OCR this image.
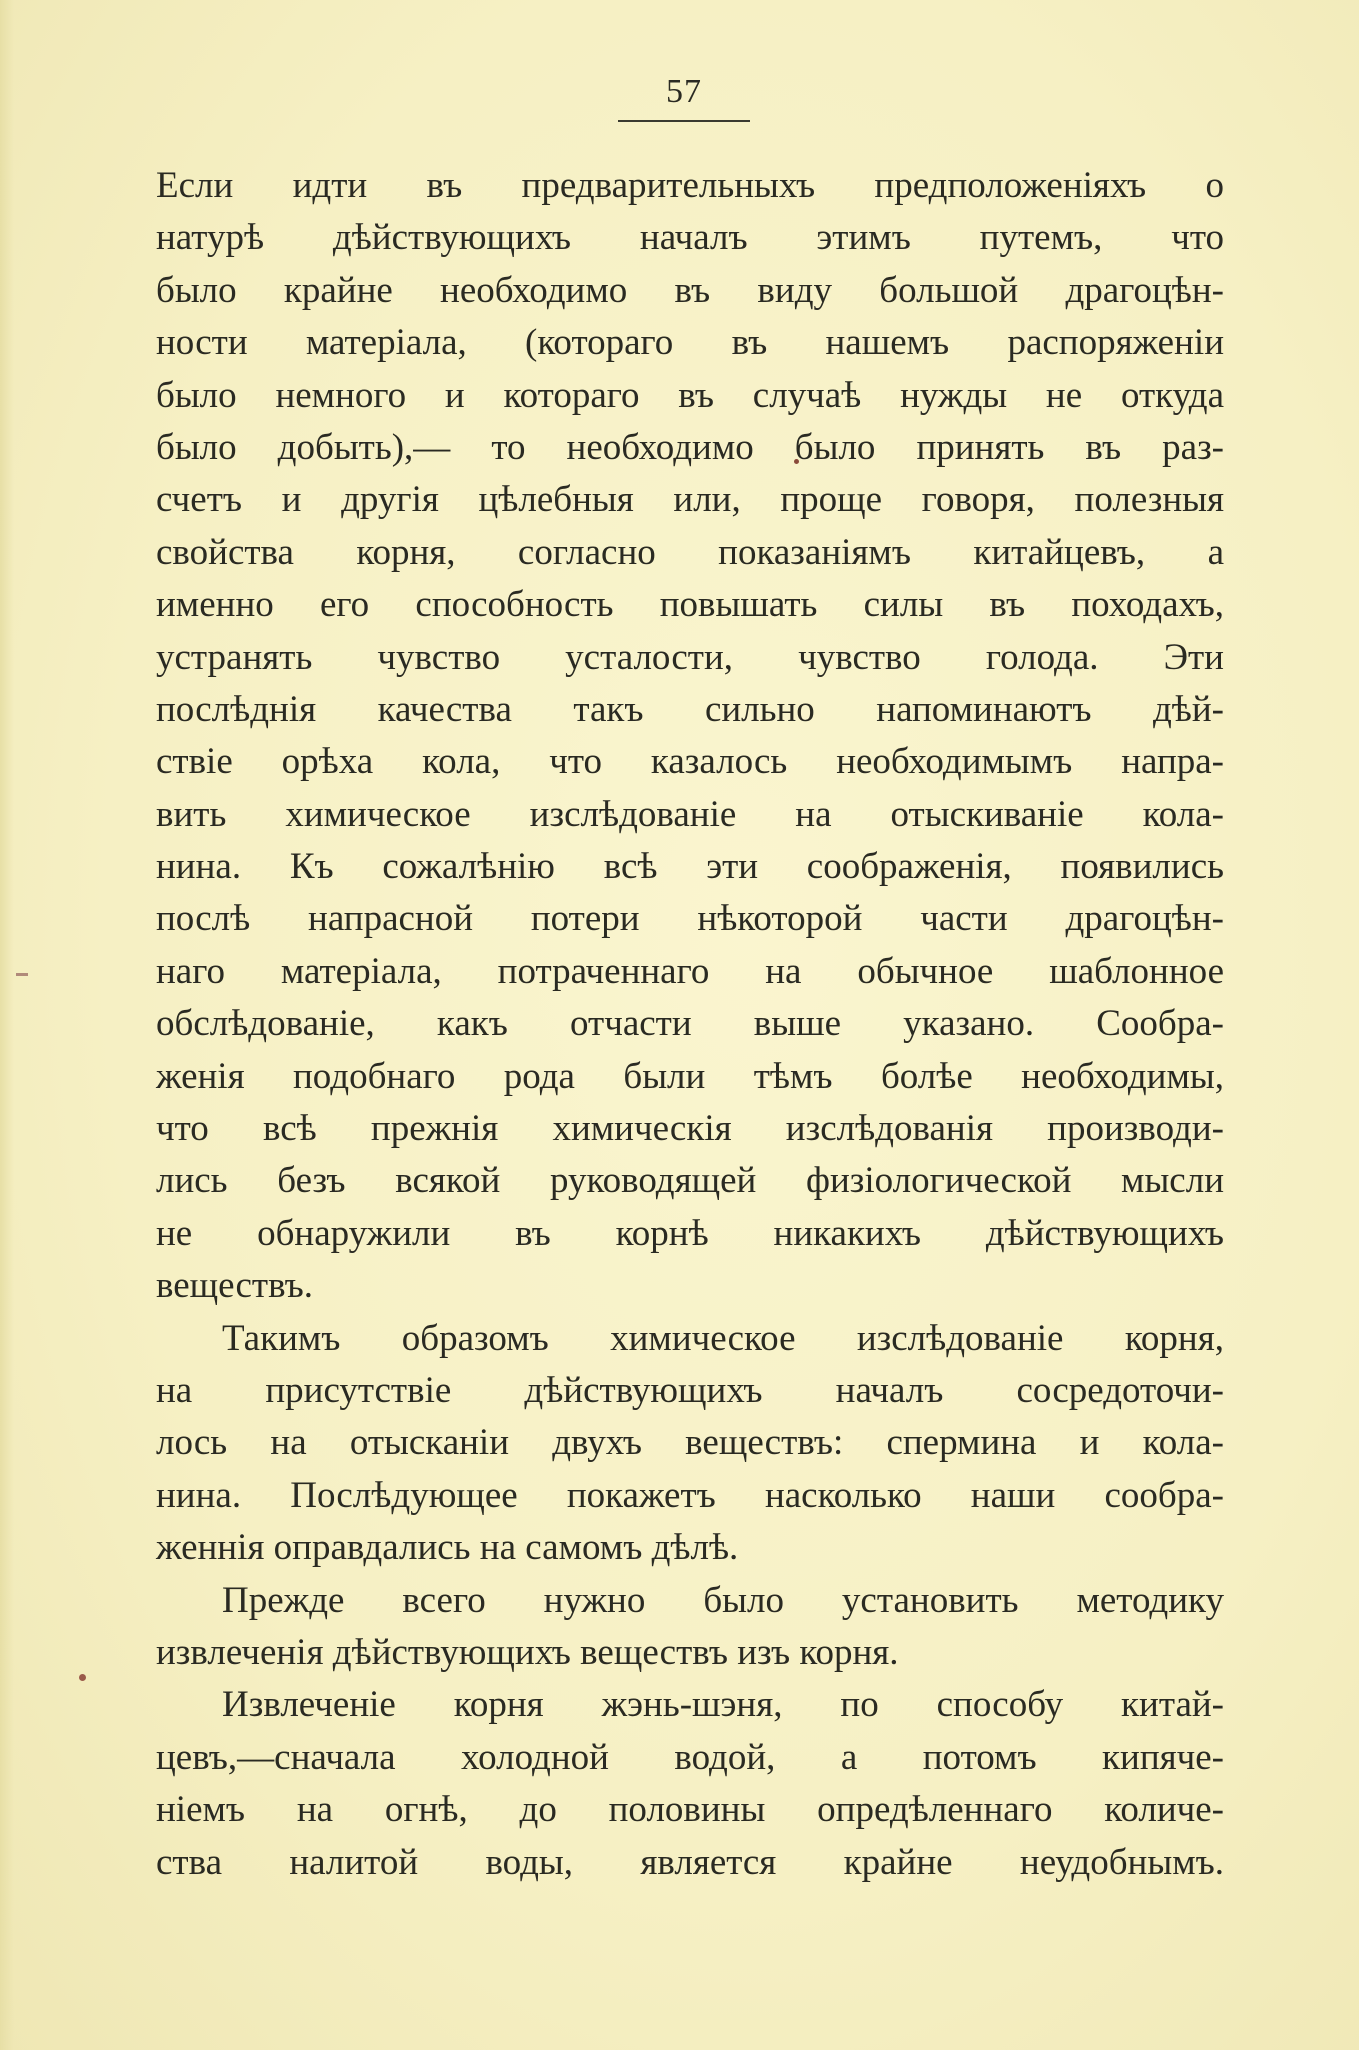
57
Если идти въ предварительныхъ предположеніяхъ о
натурѣ дѣйствующихъ началъ этимъ путемъ, что
было крайне необходимо въ виду большой драгоцѣн-
ности матеріала, (котораго въ нашемъ распоряженіи
было немного и котораго въ случаѣ нужды не откуда
было добыть),— то необходимо было принять въ раз-
счетъ и другія цѣлебныя или, проще говоря, полезныя
свойства корня, согласно показаніямъ китайцевъ, а
именно его способность повышать силы въ походахъ,
устранять чувство усталости, чувство голода. Эти
послѣднія качества такъ сильно напоминаютъ дѣй-
ствіе орѣха кола, что казалось необходимымъ напра-
вить химическое изслѣдованіе на отыскиваніе кола-
нина. Къ сожалѣнію всѣ эти соображенія, появились
послѣ напрасной потери нѣкоторой части драгоцѣн-
наго матеріала, потраченнаго на обычное шаблонное
обслѣдованіе, какъ отчасти выше указано. Сообра-
женія подобнаго рода были тѣмъ болѣе необходимы,
что всѣ прежнія химическія изслѣдованія производи-
лись безъ всякой руководящей физіологической мысли
не обнаружили въ корнѣ никакихъ дѣйствующихъ
веществъ.
Такимъ образомъ химическое изслѣдованіе корня,
на присутствіе дѣйствующихъ началъ сосредоточи-
лось на отысканіи двухъ веществъ: спермина и кола-
нина. Послѣдующее покажетъ насколько наши сообра-
женнія оправдались на самомъ дѣлѣ.
Прежде всего нужно было установить методику
извлеченія дѣйствующихъ веществъ изъ корня.
Извлеченіе корня жэнь-шэня, по способу китай-
цевъ,—сначала холодной водой, а потомъ кипяче-
ніемъ на огнѣ, до половины опредѣленнаго количе-
ства налитой воды, является крайне неудобнымъ.
